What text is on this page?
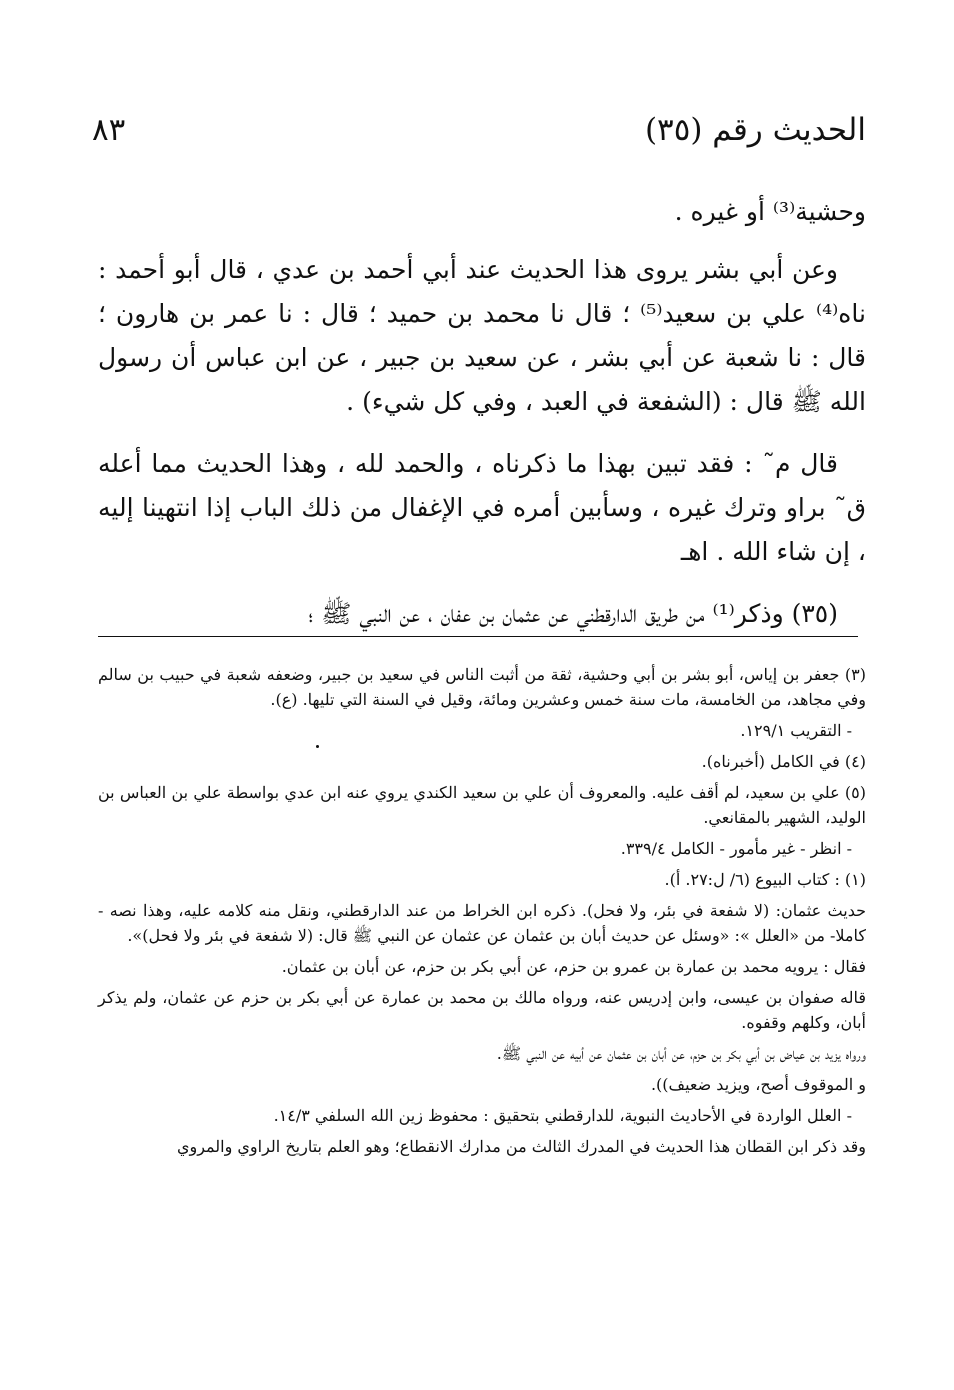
الحديث رقم (٣٥)
٨٣

وحشية⁽³⁾ أو غيره .

وعن أبي بشر يروى هذا الحديث عند أبي أحمد بن عدي ، قال أبو أحمد : ناه⁽⁴⁾ علي بن سعيد⁽⁵⁾ ؛ قال نا محمد بن حميد ؛ قال : نا عمر بن هارون ؛ قال : نا شعبة عن أبي بشر ، عن سعيد بن جبير ، عن ابن عباس أن رسول الله ﷺ قال : (الشفعة في العبد ، وفي كل شيء) .

قال م˜ : فقد تبين بهذا ما ذكرناه ، والحمد لله ، وهذا الحديث مما أعله ق˜ براو وترك غيره ، وسأبين أمره في الإغفال من ذلك الباب إذا انتهينا إليه ، إن شاء الله . اهـ

(٣٥) وذكر⁽¹⁾ من طريق الدارقطني عن عثمان بن عفان ، عن النبي ﷺ ؛

(٣) جعفر بن إياس، أبو بشر بن أبي وحشية، ثقة من أثبت الناس في سعيد بن جبير، وضعفه شعبة في حبيب بن سالم وفي مجاهد، من الخامسة، مات سنة خمس وعشرين ومائة، وقيل في السنة التي تليها. (ع).

- التقريب ١٢٩/١.

(٤) في الكامل (أخبرناه).

(٥) علي بن سعيد، لم أقف عليه. والمعروف أن علي بن سعيد الكندي يروي عنه ابن عدي بواسطة علي بن العباس بن الوليد، الشهير بالمقانعي.

- انظر - غير مأمور - الكامل ٣٣٩/٤.

(١) : كتاب البيوع (٦/ ل:٢٧. أ).

حديث عثمان: (لا شفعة في بئر، ولا فحل). ذكره ابن الخراط من عند الدارقطني، ونقل منه كلامه عليه، وهذا نصه - كاملا- من «العلل »: «وسئل عن حديث أبان بن عثمان عن عثمان عن النبي ﷺ قال: (لا شفعة في بئر ولا فحل)».

فقال : يرويه محمد بن عمارة بن عمرو بن حزم، عن أبي بكر بن حزم، عن أبان بن عثمان.

قاله صفوان بن عيسى، وابن إدريس عنه، ورواه مالك بن محمد بن عمارة عن أبي بكر بن حزم عن عثمان، ولم يذكر أبان، وكلهم وقفوه.

ورواه يزيد بن عياض بن أبي بكر بن حزم، عن أبان بن عثمان عن أبيه عن النبي ﷺ.

و الموقوف أصح، ويزيد ضعيف)).

- العلل الواردة في الأحاديث النبوية، للدارقطني بتحقيق : محفوظ زين الله السلفي ١٤/٣.

وقد ذكر ابن القطان هذا الحديث في المدرك الثالث من مدارك الانقطاع؛ وهو العلم بتاريخ الراوي والمروي
